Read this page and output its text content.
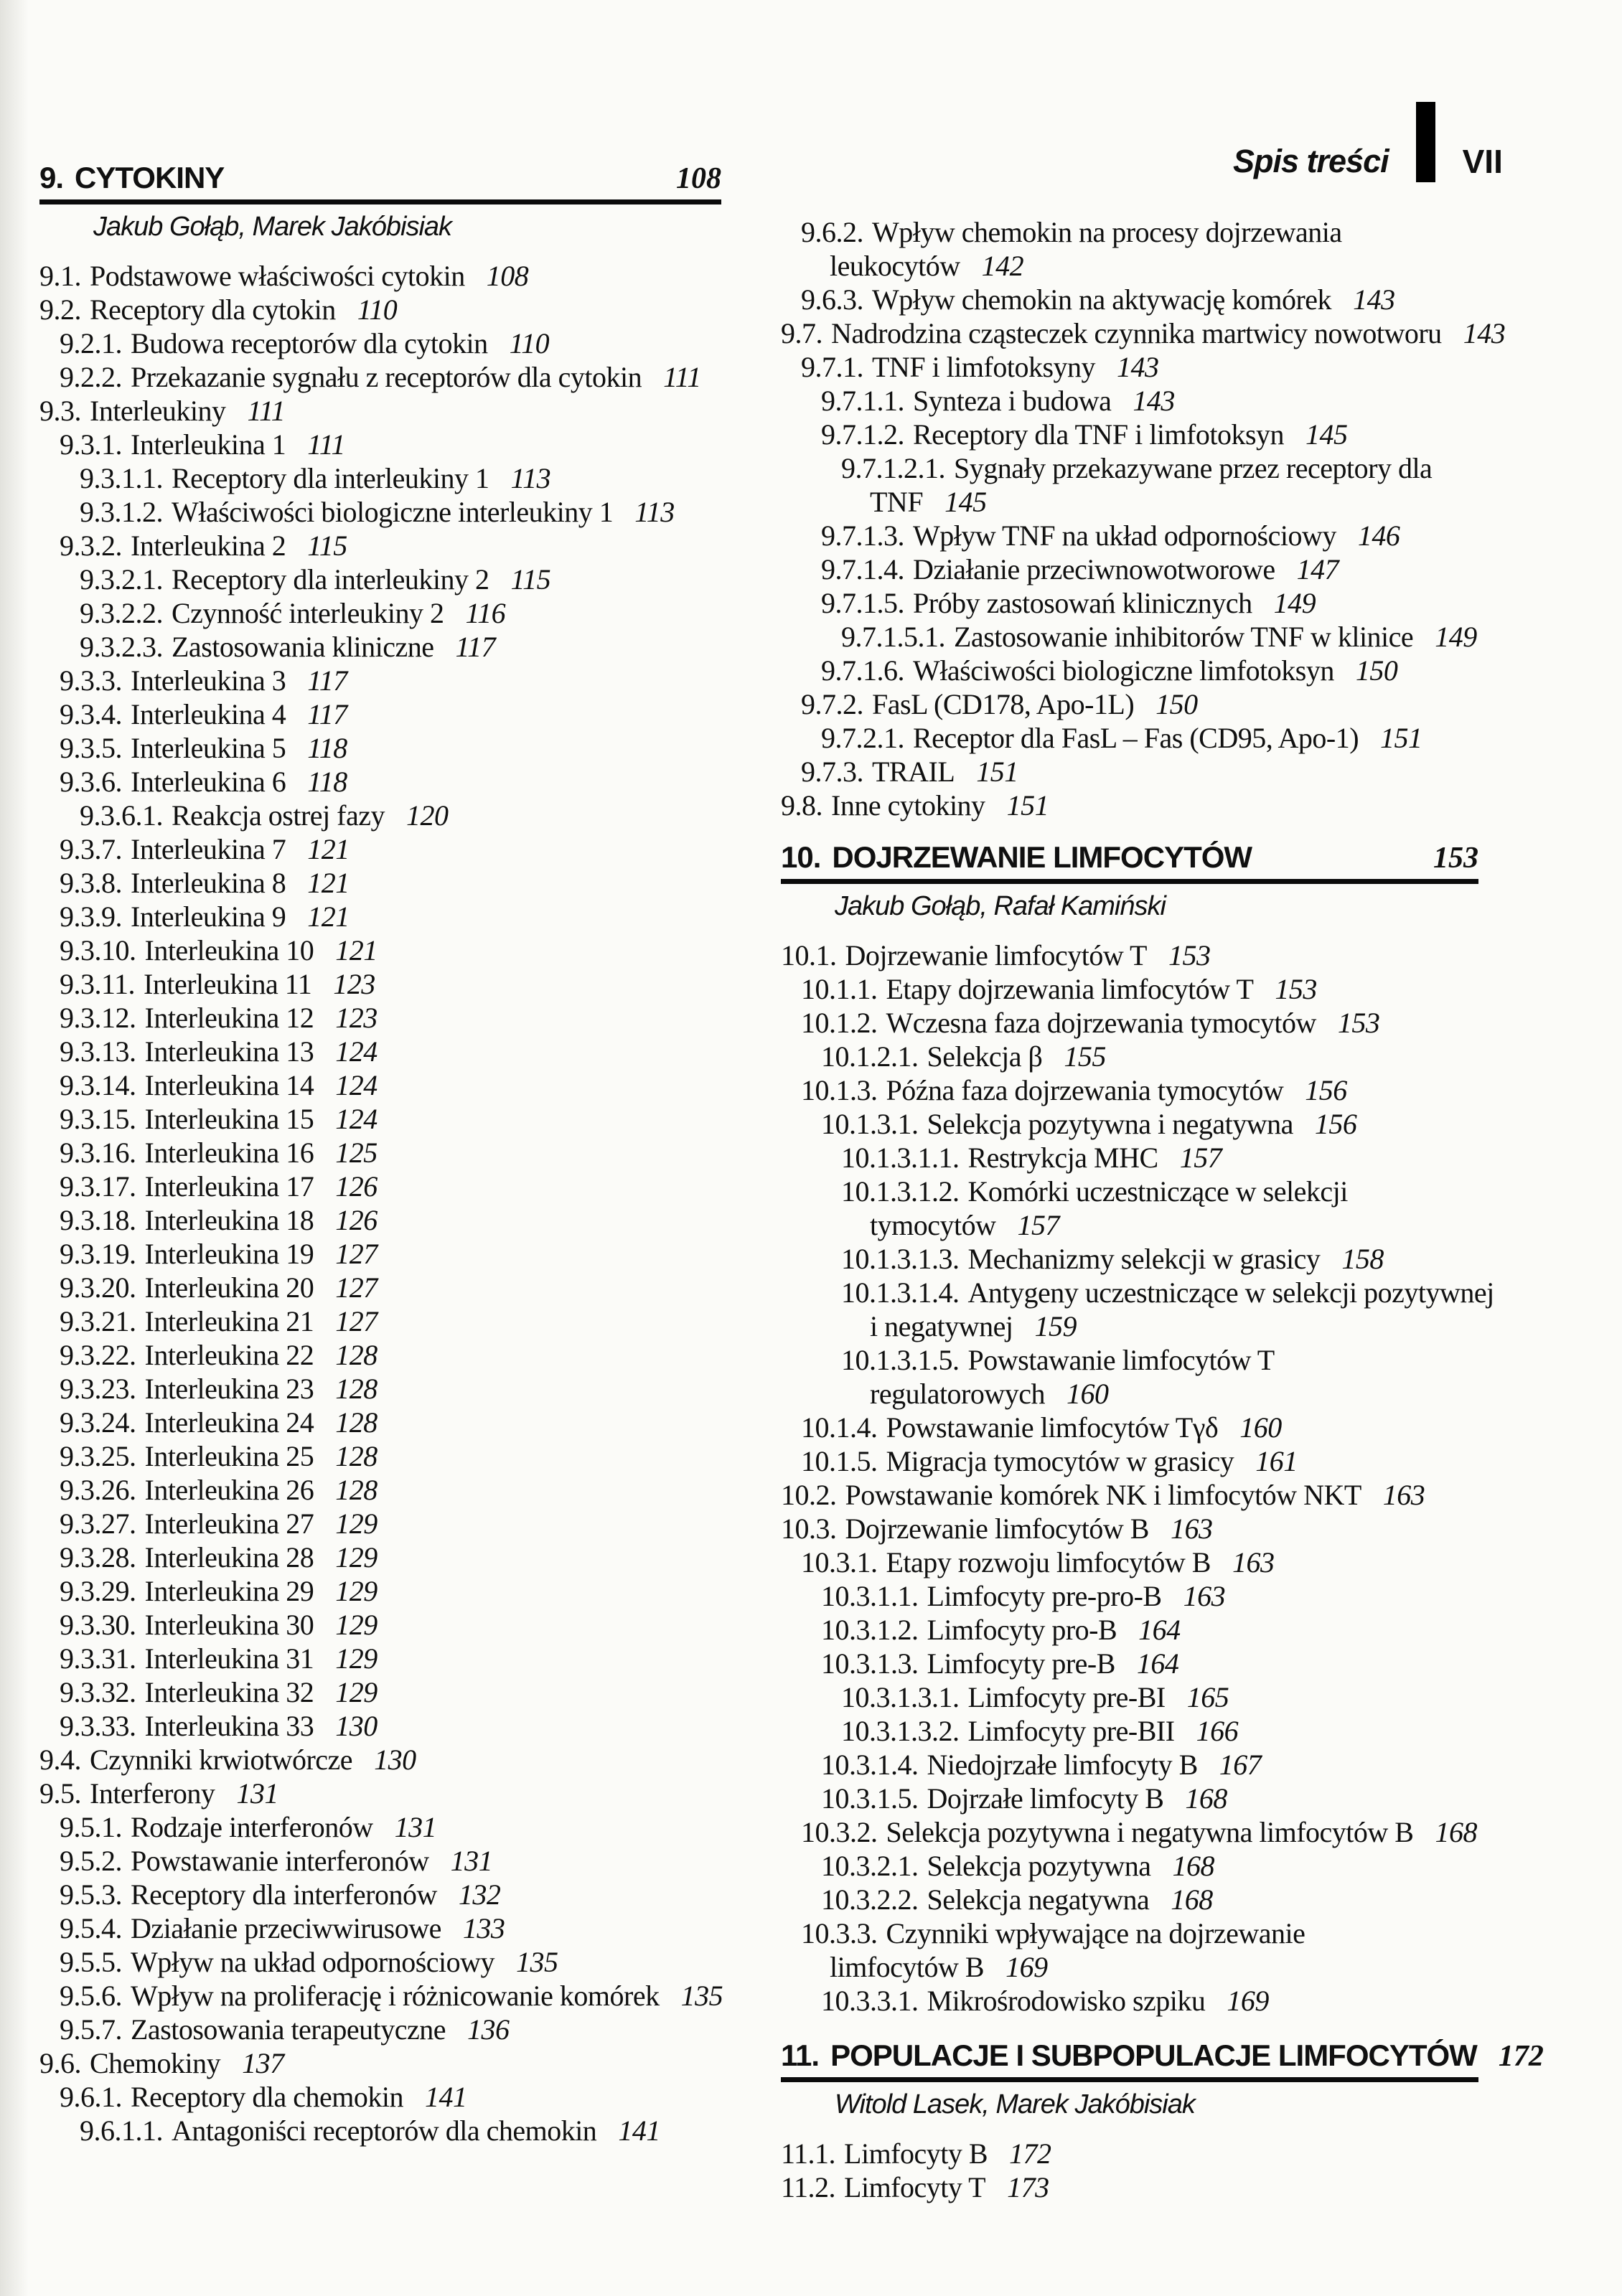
Spis treści VII
9. CYTOKINY	108
Jakub Gołąb, Marek Jakóbisiak
9.1. Podstawowe właściwości cytokin 108
9.2. Receptory dla cytokin 110
9.2.1. Budowa receptorów dla cytokin 110
9.2.2. Przekazanie sygnału z receptorów dla cytokin 111
9.3. Interleukiny 111
9.3.1. Interleukina 1 111
9.3.1.1. Receptory dla interleukiny 1 113
9.3.1.2. Właściwości biologiczne interleukiny 1 113
9.3.2. Interleukina 2 115
9.3.2.1. Receptory dla interleukiny 2 115
9.3.2.2. Czynność interleukiny 2 116
9.3.2.3. Zastosowania kliniczne 117
9.3.3. Interleukina 3 117
9.3.4. Interleukina 4 117
9.3.5. Interleukina 5 118
9.3.6. Interleukina 6 118
9.3.6.1. Reakcja ostrej fazy 120
9.3.7. Interleukina 7 121
9.3.8. Interleukina 8 121
9.3.9. Interleukina 9 121
9.3.10. Interleukina 10 121
9.3.11. Interleukina 11 123
9.3.12. Interleukina 12 123
9.3.13. Interleukina 13 124
9.3.14. Interleukina 14 124
9.3.15. Interleukina 15 124
9.3.16. Interleukina 16 125
9.3.17. Interleukina 17 126
9.3.18. Interleukina 18 126
9.3.19. Interleukina 19 127
9.3.20. Interleukina 20 127
9.3.21. Interleukina 21 127
9.3.22. Interleukina 22 128
9.3.23. Interleukina 23 128
9.3.24. Interleukina 24 128
9.3.25. Interleukina 25 128
9.3.26. Interleukina 26 128
9.3.27. Interleukina 27 129
9.3.28. Interleukina 28 129
9.3.29. Interleukina 29 129
9.3.30. Interleukina 30 129
9.3.31. Interleukina 31 129
9.3.32. Interleukina 32 129
9.3.33. Interleukina 33 130
9.4. Czynniki krwiotwórcze 130
9.5. Interferony 131
9.5.1. Rodzaje interferonów 131
9.5.2. Powstawanie interferonów 131
9.5.3. Receptory dla interferonów 132
9.5.4. Działanie przeciwwirusowe 133
9.5.5. Wpływ na układ odpornościowy 135
9.5.6. Wpływ na proliferację i różnicowanie komórek 135
9.5.7. Zastosowania terapeutyczne 136
9.6. Chemokiny 137
9.6.1. Receptory dla chemokin 141
9.6.1.1. Antagoniści receptorów dla chemokin 141
9.6.2. Wpływ chemokin na procesy dojrzewania
leukocytów 142
9.6.3. Wpływ chemokin na aktywację komórek 143
9.7. Nadrodzina cząsteczek czynnika martwicy nowotworu 143
9.7.1. TNF i limfotoksyny 143
9.7.1.1. Synteza i budowa 143
9.7.1.2. Receptory dla TNF i limfotoksyn 145
9.7.1.2.1. Sygnały przekazywane przez receptory dla
TNF 145
9.7.1.3. Wpływ TNF na układ odpornościowy 146
9.7.1.4. Działanie przeciwnowotworowe 147
9.7.1.5. Próby zastosowań klinicznych 149
9.7.1.5.1. Zastosowanie inhibitorów TNF w klinice 149
9.7.1.6. Właściwości biologiczne limfotoksyn 150
9.7.2. FasL (CD178, Apo-1L) 150
9.7.2.1. Receptor dla FasL – Fas (CD95, Apo-1) 151
9.7.3. TRAIL 151
9.8. Inne cytokiny 151
10. DOJRZEWANIE LIMFOCYTÓW	153
Jakub Gołąb, Rafał Kamiński
10.1. Dojrzewanie limfocytów T 153
10.1.1. Etapy dojrzewania limfocytów T 153
10.1.2. Wczesna faza dojrzewania tymocytów 153
10.1.2.1. Selekcja β 155
10.1.3. Późna faza dojrzewania tymocytów 156
10.1.3.1. Selekcja pozytywna i negatywna 156
10.1.3.1.1. Restrykcja MHC 157
10.1.3.1.2. Komórki uczestniczące w selekcji
tymocytów 157
10.1.3.1.3. Mechanizmy selekcji w grasicy 158
10.1.3.1.4. Antygeny uczestniczące w selekcji pozytywnej
i negatywnej 159
10.1.3.1.5. Powstawanie limfocytów T
regulatorowych 160
10.1.4. Powstawanie limfocytów Tγδ 160
10.1.5. Migracja tymocytów w grasicy 161
10.2. Powstawanie komórek NK i limfocytów NKT 163
10.3. Dojrzewanie limfocytów B 163
10.3.1. Etapy rozwoju limfocytów B 163
10.3.1.1. Limfocyty pre-pro-B 163
10.3.1.2. Limfocyty pro-B 164
10.3.1.3. Limfocyty pre-B 164
10.3.1.3.1. Limfocyty pre-BI 165
10.3.1.3.2. Limfocyty pre-BII 166
10.3.1.4. Niedojrzałe limfocyty B 167
10.3.1.5. Dojrzałe limfocyty B 168
10.3.2. Selekcja pozytywna i negatywna limfocytów B 168
10.3.2.1. Selekcja pozytywna 168
10.3.2.2. Selekcja negatywna 168
10.3.3. Czynniki wpływające na dojrzewanie
limfocytów B 169
10.3.3.1. Mikrośrodowisko szpiku 169
11. POPULACJE I SUBPOPULACJE LIMFOCYTÓW 172
Witold Lasek, Marek Jakóbisiak
11.1. Limfocyty B 172
11.2. Limfocyty T 173
